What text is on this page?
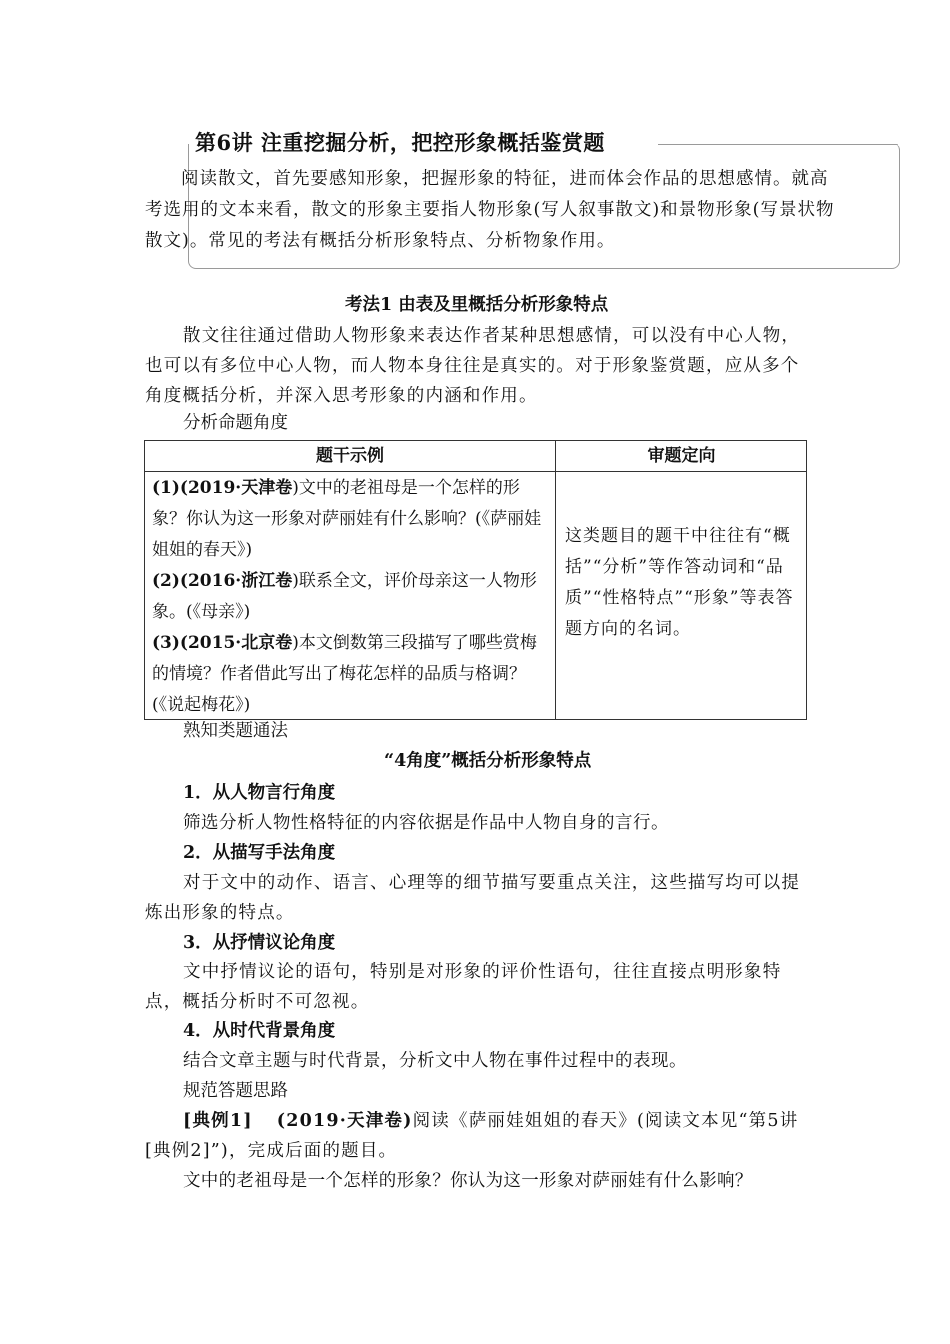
第6讲 注重挖掘分析，把控形象概括鉴赏题
阅读散文，首先要感知形象，把握形象的特征，进而体会作品的思想感情。就高考选用的文本来看，散文的形象主要指人物形象(写人叙事散文)和景物形象(写景状物散文)。常见的考法有概括分析形象特点、分析物象作用。
考法1 由表及里概括分析形象特点
散文往往通过借助人物形象来表达作者某种思想感情，可以没有中心人物，也可以有多位中心人物，而人物本身往往是真实的。对于形象鉴赏题，应从多个角度概括分析，并深入思考形象的内涵和作用。
分析命题角度
题干示例	审题定向
(1)(2019·天津卷)文中的老祖母是一个怎样的形象？你认为这一形象对萨丽娃有什么影响？(《萨丽娃姐姐的春天》)
(2)(2016·浙江卷)联系全文，评价母亲这一人物形象。(《母亲》)
(3)(2015·北京卷)本文倒数第三段描写了哪些赏梅的情境？作者借此写出了梅花怎样的品质与格调？(《说起梅花》)
这类题目的题干中往往有“概括”“分析”等作答动词和“品质”“性格特点”“形象”等表答题方向的名词。
熟知类题通法
“4角度”概括分析形象特点
1．从人物言行角度
筛选分析人物性格特征的内容依据是作品中人物自身的言行。
2．从描写手法角度
对于文中的动作、语言、心理等的细节描写要重点关注，这些描写均可以提炼出形象的特点。
3．从抒情议论角度
文中抒情议论的语句，特别是对形象的评价性语句，往往直接点明形象特点，概括分析时不可忽视。
4．从时代背景角度
结合文章主题与时代背景，分析文中人物在事件过程中的表现。
规范答题思路
[典例1] (2019·天津卷)阅读《萨丽娃姐姐的春天》(阅读文本见“第5讲[典例2]”)，完成后面的题目。
文中的老祖母是一个怎样的形象？你认为这一形象对萨丽娃有什么影响？
